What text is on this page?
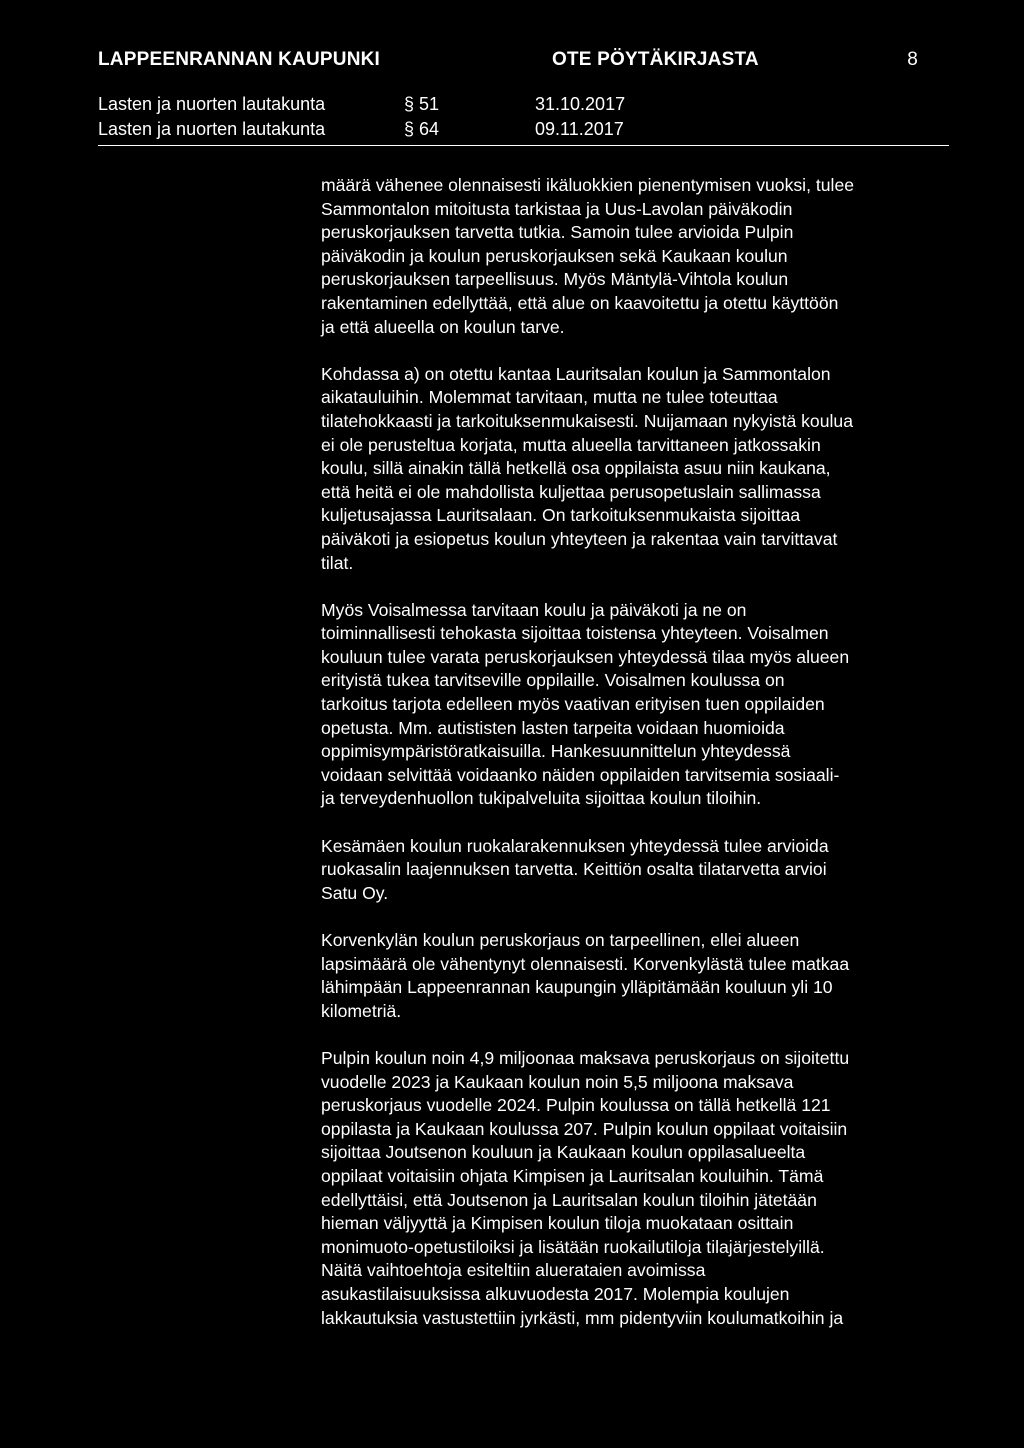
LAPPEENRANNAN KAUPUNKI	OTE PÖYTÄKIRJASTA	8
Lasten ja nuorten lautakunta	§ 51	31.10.2017
Lasten ja nuorten lautakunta	§ 64	09.11.2017

määrä vähenee olennaisesti ikäluokkien pienentymisen vuoksi, tulee
Sammontalon mitoitusta tarkistaa ja Uus-Lavolan päiväkodin
peruskorjauksen tarvetta tutkia. Samoin tulee arvioida Pulpin
päiväkodin ja koulun peruskorjauksen sekä Kaukaan koulun
peruskorjauksen tarpeellisuus. Myös Mäntylä-Vihtola koulun
rakentaminen edellyttää, että alue on kaavoitettu ja otettu käyttöön
ja että alueella on koulun tarve.

Kohdassa a) on otettu kantaa Lauritsalan koulun ja Sammontalon
aikatauluihin. Molemmat tarvitaan, mutta ne tulee toteuttaa
tilatehokkaasti ja tarkoituksenmukaisesti. Nuijamaan nykyistä koulua
ei ole perusteltua korjata, mutta alueella tarvittaneen jatkossakin
koulu, sillä ainakin tällä hetkellä osa oppilaista asuu niin kaukana,
että heitä ei ole mahdollista kuljettaa perusopetuslain sallimassa
kuljetusajassa Lauritsalaan. On tarkoituksenmukaista sijoittaa
päiväkoti ja esiopetus koulun yhteyteen ja rakentaa vain tarvittavat
tilat.

Myös Voisalmessa tarvitaan koulu ja päiväkoti ja ne on
toiminnallisesti tehokasta sijoittaa toistensa yhteyteen. Voisalmen
kouluun tulee varata peruskorjauksen yhteydessä tilaa myös alueen
erityistä tukea tarvitseville oppilaille. Voisalmen koulussa on
tarkoitus tarjota edelleen myös vaativan erityisen tuen oppilaiden
opetusta. Mm. autististen lasten tarpeita voidaan huomioida
oppimisympäristöratkaisuilla. Hankesuunnittelun yhteydessä
voidaan selvittää voidaanko näiden oppilaiden tarvitsemia sosiaali-
ja terveydenhuollon tukipalveluita sijoittaa koulun tiloihin.

Kesämäen koulun ruokalarakennuksen yhteydessä tulee arvioida
ruokasalin laajennuksen tarvetta. Keittiön osalta tilatarvetta arvioi
Satu Oy.

Korvenkylän koulun peruskorjaus on tarpeellinen, ellei alueen
lapsimäärä ole vähentynyt olennaisesti. Korvenkylästä tulee matkaa
lähimpään Lappeenrannan kaupungin ylläpitämään kouluun yli 10
kilometriä.

Pulpin koulun noin 4,9 miljoonaa maksava peruskorjaus on sijoitettu
vuodelle 2023 ja Kaukaan koulun noin 5,5 miljoona maksava
peruskorjaus vuodelle 2024. Pulpin koulussa on tällä hetkellä 121
oppilasta ja Kaukaan koulussa 207. Pulpin koulun oppilaat voitaisiin
sijoittaa Joutsenon kouluun ja Kaukaan koulun oppilasalueelta
oppilaat voitaisiin ohjata Kimpisen ja Lauritsalan kouluihin. Tämä
edellyttäisi, että Joutsenon ja Lauritsalan koulun tiloihin jätetään
hieman väljyyttä ja Kimpisen koulun tiloja muokataan osittain
monimuoto-opetustiloiksi ja lisätään ruokailutiloja tilajärjestelyillä.
Näitä vaihtoehtoja esiteltiin aluerataien avoimissa
asukastilaisuuksissa alkuvuodesta 2017. Molempia koulujen
lakkautuksia vastustettiin jyrkästi, mm pidentyviin koulumatkoihin ja
